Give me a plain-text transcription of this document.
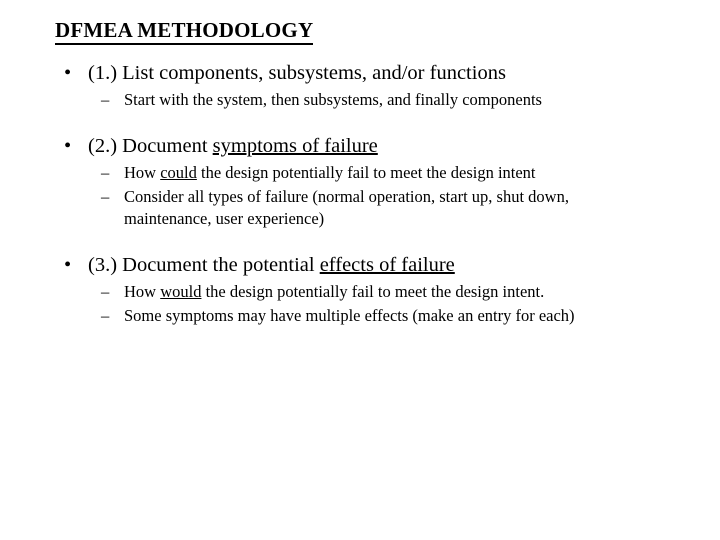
DFMEA METHODOLOGY
• (1.) List components, subsystems, and/or functions
– Start with the system, then subsystems, and finally components
• (2.) Document symptoms of failure
– How could the design potentially fail to meet the design intent
– Consider all types of failure (normal operation, start up, shut down, maintenance, user experience)
• (3.) Document the potential effects of failure
– How would the design potentially fail to meet the design intent.
– Some symptoms may have multiple effects (make an entry for each)
